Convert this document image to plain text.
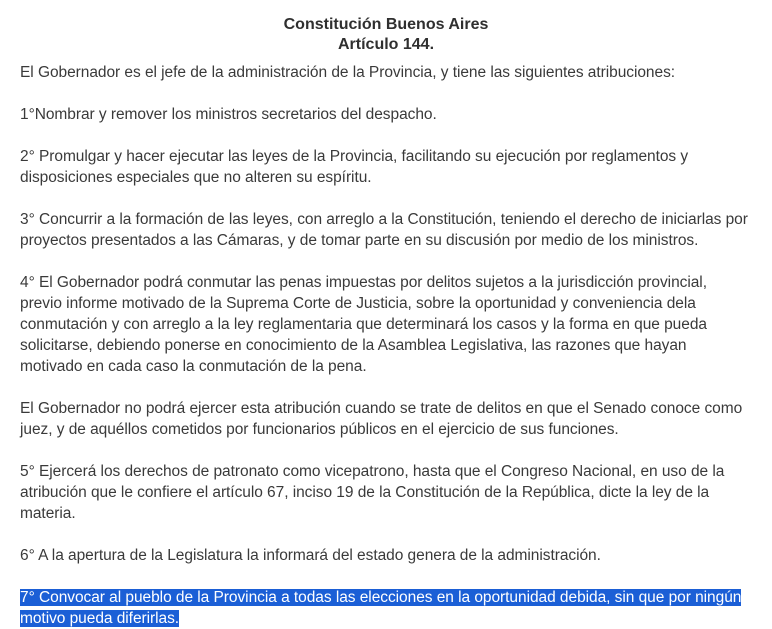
Constitución Buenos Aires
Artículo 144.

El Gobernador es el jefe de la administración de la Provincia, y tiene las siguientes atribuciones:

1°Nombrar y remover los ministros secretarios del despacho.

2° Promulgar y hacer ejecutar las leyes de la Provincia, facilitando su ejecución por reglamentos y disposiciones especiales que no alteren su espíritu.

3° Concurrir a la formación de las leyes, con arreglo a la Constitución, teniendo el derecho de iniciarlas por proyectos presentados a las Cámaras, y de tomar parte en su discusión por medio de los ministros.

4° El Gobernador podrá conmutar las penas impuestas por delitos sujetos a la jurisdicción provincial, previo informe motivado de la Suprema Corte de Justicia, sobre la oportunidad y conveniencia dela conmutación y con arreglo a la ley reglamentaria que determinará los casos y la forma en que pueda solicitarse, debiendo ponerse en conocimiento de la Asamblea Legislativa, las razones que hayan motivado en cada caso la conmutación de la pena.

El Gobernador no podrá ejercer esta atribución cuando se trate de delitos en que el Senado conoce como juez, y de aquéllos cometidos por funcionarios públicos en el ejercicio de sus funciones.

5° Ejercerá los derechos de patronato como vicepatrono, hasta que el Congreso Nacional, en uso de la atribución que le confiere el artículo 67, inciso 19 de la Constitución de la República, dicte la ley de la materia.

6° A la apertura de la Legislatura la informará del estado genera de la administración.

7° Convocar al pueblo de la Provincia a todas las elecciones en la oportunidad debida, sin que por ningún motivo pueda diferirlas.
